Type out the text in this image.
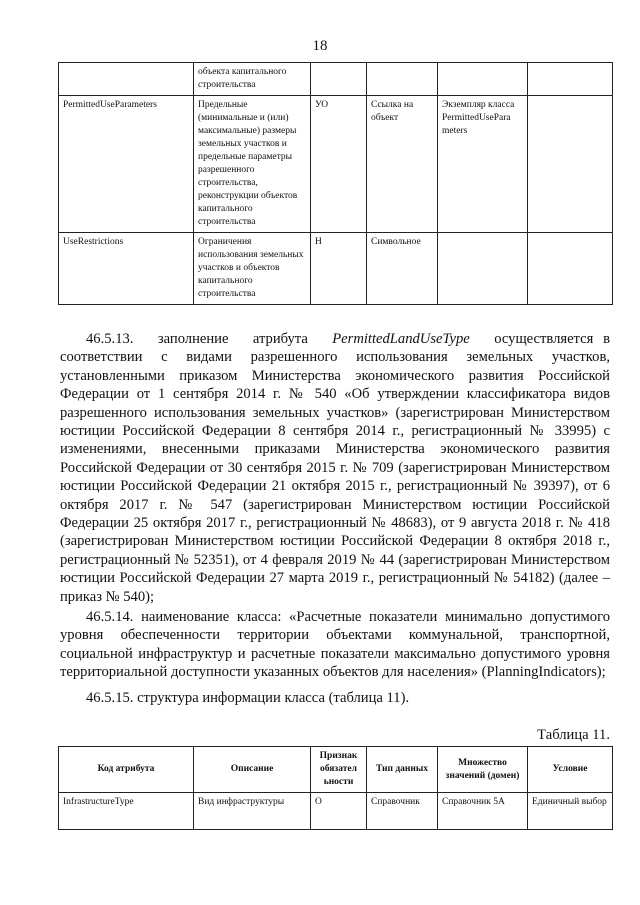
18
	объекта капитального строительства				
PermittedUseParameters	Предельные (минимальные и (или) максимальные) размеры земельных участков и предельные параметры разрешенного строительства, реконструкции объектов капитального строительства	УО	Ссылка на объект	Экземпляр класса PermittedUsePara meters	
UseRestrictions	Ограничения использования земельных участков и объектов капитального строительства	Н	Символьное		
46.5.13.  заполнение  атрибута  PermittedLandUseType  осуществляется в соответствии с видами разрешенного использования земельных участков, установленными приказом Министерства экономического развития Российской Федерации от 1 сентября 2014 г. № 540 «Об утверждении классификатора видов разрешенного использования земельных участков» (зарегистрирован Министерством юстиции Российской Федерации 8 сентября 2014 г., регистрационный № 33995) с изменениями, внесенными приказами Министерства экономического развития Российской Федерации от 30 сентября 2015 г. № 709 (зарегистрирован Министерством юстиции Российской Федерации 21 октября 2015 г., регистрационный № 39397), от 6 октября 2017 г. № 547 (зарегистрирован Министерством юстиции Российской Федерации 25 октября 2017 г., регистрационный № 48683), от 9 августа 2018 г. № 418 (зарегистрирован Министерством юстиции Российской Федерации 8 октября 2018 г., регистрационный № 52351), от 4 февраля 2019 № 44 (зарегистрирован Министерством юстиции Российской Федерации 27 марта 2019 г., регистрационный № 54182) (далее – приказ № 540);
46.5.14. наименование класса: «Расчетные показатели минимально допустимого уровня обеспеченности территории объектами коммунальной, транспортной, социальной инфраструктур и расчетные показатели максимально допустимого уровня территориальной доступности указанных объектов для населения» (PlanningIndicators);
46.5.15. структура информации класса (таблица 11).
Таблица 11.
Код атрибута	Описание	Признак обязател ьности	Тип данных	Множество значений (домен)	Условие
InfrastructureType	Вид инфраструктуры	О	Справочник	Справочник 5А	Единичный выбор
